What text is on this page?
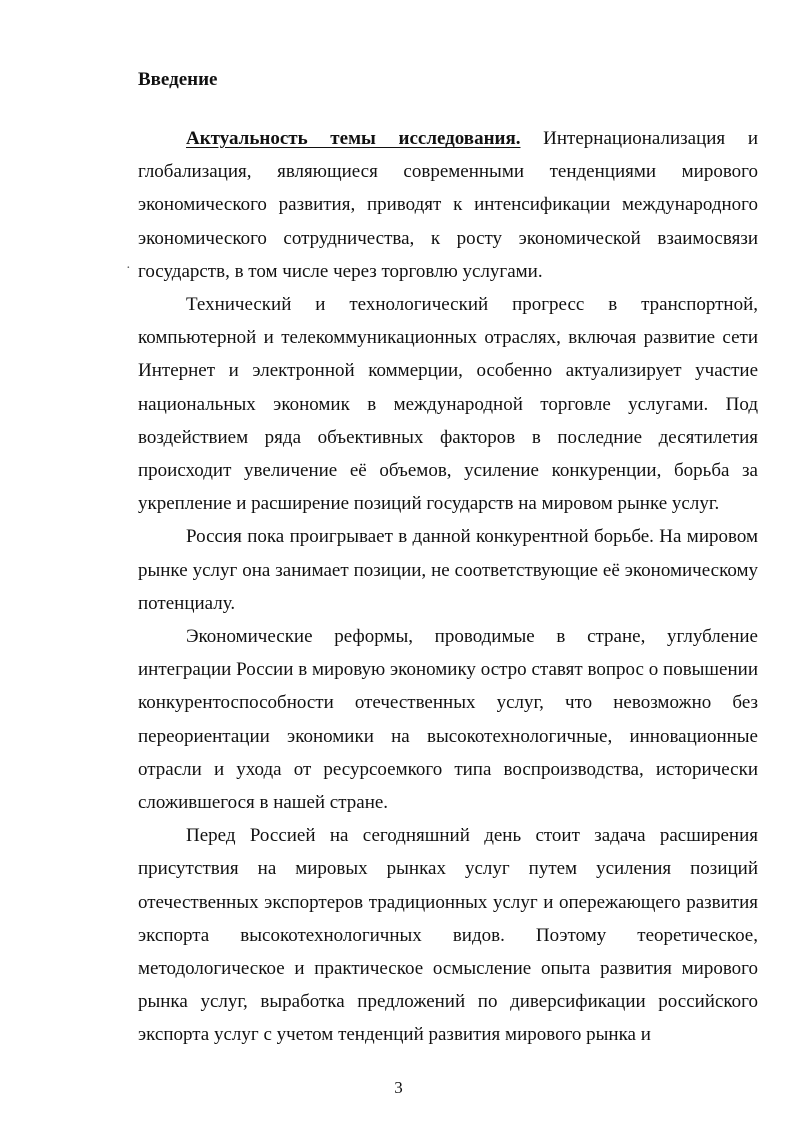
Введение
·

Актуальность темы исследования. Интернационализация и глобализация, являющиеся современными тенденциями мирового экономического развития, приводят к интенсификации международного экономического сотрудничества, к росту экономической взаимосвязи государств, в том числе через торговлю услугами.

Технический и технологический прогресс в транспортной, компьютерной и телекоммуникационных отраслях, включая развитие сети Интернет и электронной коммерции, особенно актуализирует участие национальных экономик в международной торговле услугами. Под воздействием ряда объективных факторов в последние десятилетия происходит увеличение её объемов, усиление конкуренции, борьба за укрепление и расширение позиций государств на мировом рынке услуг.

Россия пока проигрывает в данной конкурентной борьбе. На мировом рынке услуг она занимает позиции, не соответствующие её экономическому потенциалу.

Экономические реформы, проводимые в стране, углубление интеграции России в мировую экономику остро ставят вопрос о повышении конкурентоспособности отечественных услуг, что невозможно без переориентации экономики на высокотехнологичные, инновационные отрасли и ухода от ресурсоемкого типа воспроизводства, исторически сложившегося в нашей стране.

Перед Россией на сегодняшний день стоит задача расширения присутствия на мировых рынках услуг путем усиления позиций отечественных экспортеров традиционных услуг и опережающего развития экспорта высокотехнологичных видов. Поэтому теоретическое, методологическое и практическое осмысление опыта развития мирового рынка услуг, выработка предложений по диверсификации российского экспорта услуг с учетом тенденций развития мирового рынка и

3
